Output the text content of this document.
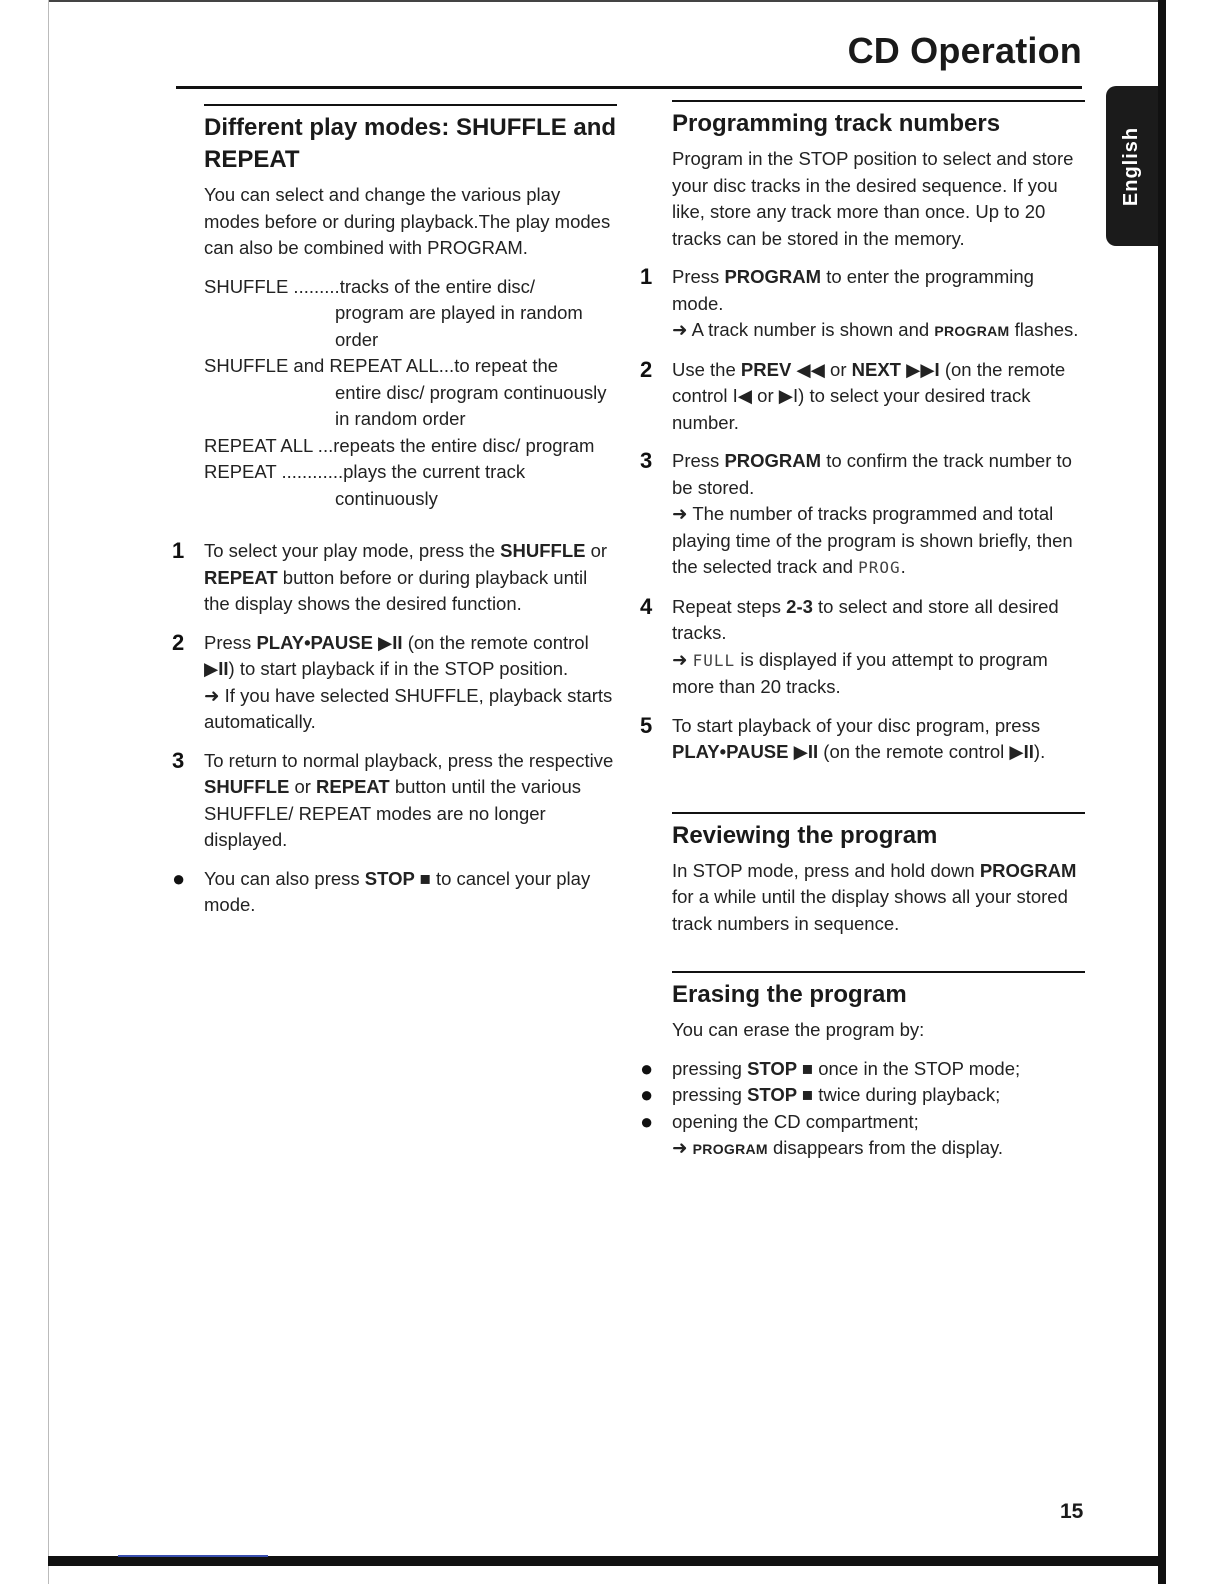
CD Operation
English
Different play modes: SHUFFLE and REPEAT

You can select and change the various play modes before or during playback.The play modes can also be combined with PROGRAM.

SHUFFLE ......... tracks of the entire disc/
program are played in random
order
SHUFFLE and REPEAT ALL... to repeat the
entire disc/ program continuously
in random order
REPEAT ALL ... repeats the entire disc/ program
REPEAT ............ plays the current track
continuously
1	To select your play mode, press the SHUFFLE or REPEAT button before or during playback until the display shows the desired function.
2	Press PLAY•PAUSE ▶II (on the remote control ▶II) to start playback if in the STOP position.
➜ If you have selected SHUFFLE, playback starts automatically.
3	To return to normal playback, press the respective SHUFFLE or REPEAT button until the various SHUFFLE/ REPEAT modes are no longer displayed.
●	You can also press STOP ■ to cancel your play mode.
Programming track numbers

Program in the STOP position to select and store your disc tracks in the desired sequence. If you like, store any track more than once. Up to 20 tracks can be stored in the memory.

1	Press PROGRAM to enter the programming mode.
➜ A track number is shown and PROGRAM flashes.
2	Use the PREV ◀◀ or NEXT ▶▶I (on the remote control I◀ or ▶I) to select your desired track number.
3	Press PROGRAM to confirm the track number to be stored.
➜ The number of tracks programmed and total playing time of the program is shown briefly, then the selected track and PROG.
4	Repeat steps 2-3 to select and store all desired tracks.
➜ FULL is displayed if you attempt to program more than 20 tracks.
5	To start playback of your disc program, press PLAY•PAUSE ▶II (on the remote control ▶II).
Reviewing the program

In STOP mode, press and hold down PROGRAM for a while until the display shows all your stored track numbers in sequence.

Erasing the program

You can erase the program by:

●	pressing STOP ■ once in the STOP mode;
●	pressing STOP ■ twice during playback;
●	opening the CD compartment;
➜ PROGRAM disappears from the display.

15
